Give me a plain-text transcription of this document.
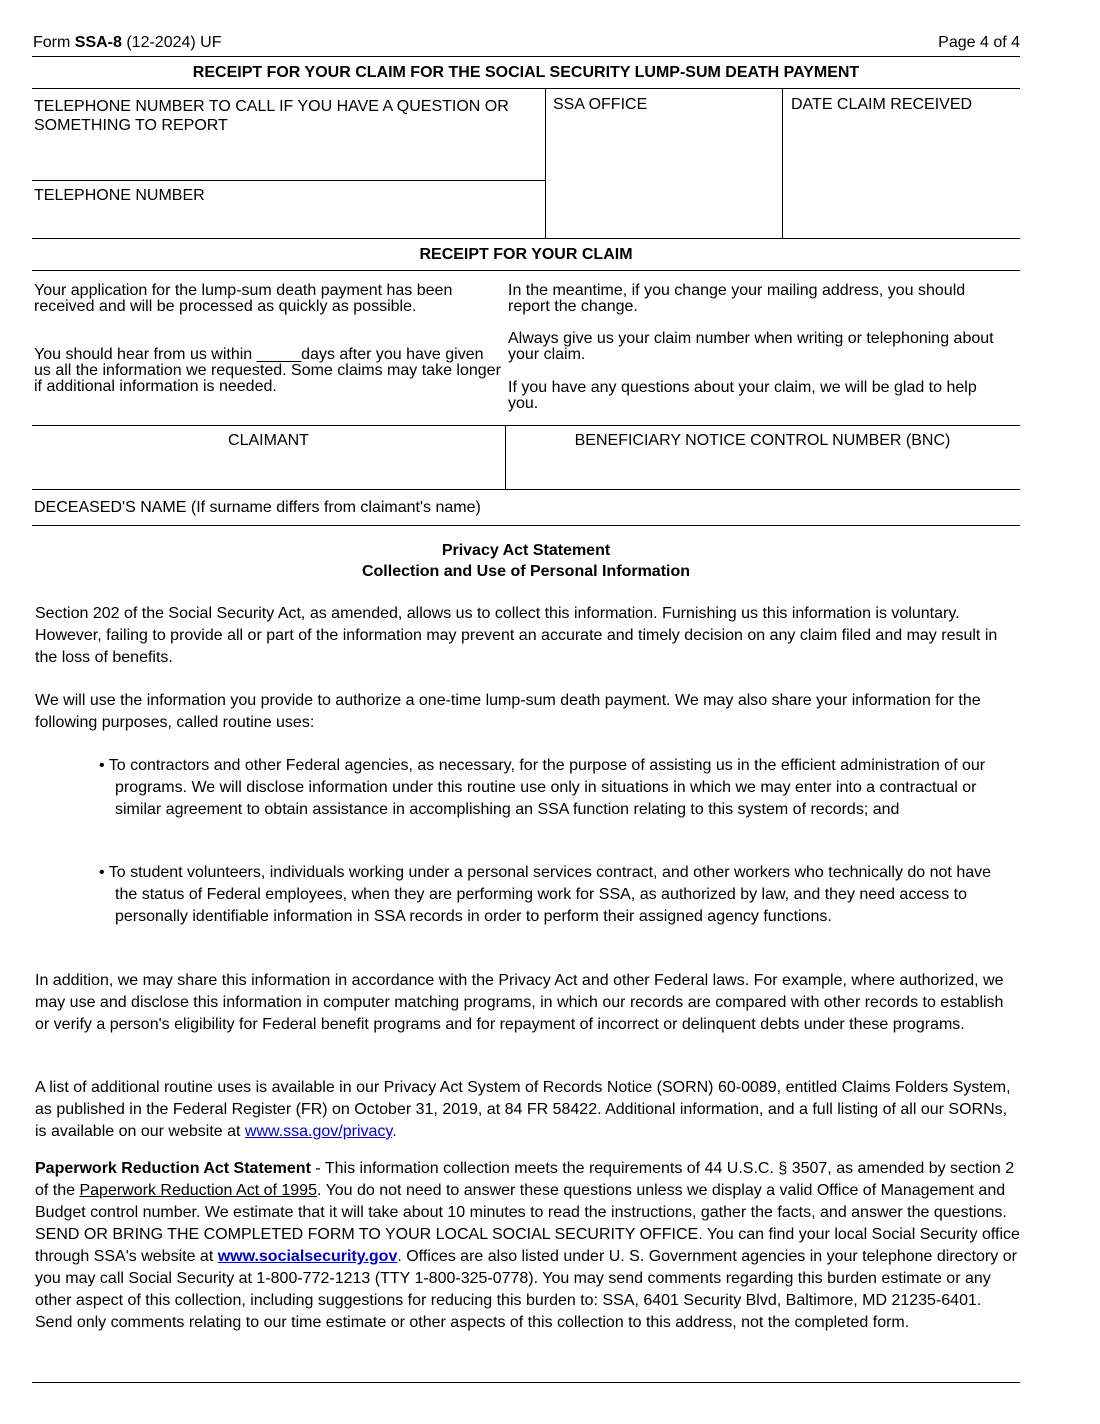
Form SSA-8 (12-2024) UF	Page 4 of 4
RECEIPT FOR YOUR CLAIM FOR THE SOCIAL SECURITY LUMP-SUM DEATH PAYMENT
TELEPHONE NUMBER TO CALL IF YOU HAVE A QUESTION OR SOMETHING TO REPORT
SSA OFFICE	DATE CLAIM RECEIVED
TELEPHONE NUMBER
RECEIPT FOR YOUR CLAIM
Your application for the lump-sum death payment has been received and will be processed as quickly as possible.
You should hear from us within _____days after you have given us all the information we requested. Some claims may take longer if additional information is needed.
In the meantime, if you change your mailing address, you should report the change.
Always give us your claim number when writing or telephoning about your claim.
If you have any questions about your claim, we will be glad to help you.
CLAIMANT	BENEFICIARY NOTICE CONTROL NUMBER (BNC)
DECEASED'S NAME (If surname differs from claimant's name)
Privacy Act Statement
Collection and Use of Personal Information
Section 202 of the Social Security Act, as amended, allows us to collect this information. Furnishing us this information is voluntary. However, failing to provide all or part of the information may prevent an accurate and timely decision on any claim filed and may result in the loss of benefits.
We will use the information you provide to authorize a one-time lump-sum death payment. We may also share your information for the following purposes, called routine uses:
• To contractors and other Federal agencies, as necessary, for the purpose of assisting us in the efficient administration of our programs. We will disclose information under this routine use only in situations in which we may enter into a contractual or similar agreement to obtain assistance in accomplishing an SSA function relating to this system of records; and
• To student volunteers, individuals working under a personal services contract, and other workers who technically do not have the status of Federal employees, when they are performing work for SSA, as authorized by law, and they need access to personally identifiable information in SSA records in order to perform their assigned agency functions.
In addition, we may share this information in accordance with the Privacy Act and other Federal laws. For example, where authorized, we may use and disclose this information in computer matching programs, in which our records are compared with other records to establish or verify a person's eligibility for Federal benefit programs and for repayment of incorrect or delinquent debts under these programs.
A list of additional routine uses is available in our Privacy Act System of Records Notice (SORN) 60-0089, entitled Claims Folders System, as published in the Federal Register (FR) on October 31, 2019, at 84 FR 58422. Additional information, and a full listing of all our SORNs, is available on our website at www.ssa.gov/privacy.
Paperwork Reduction Act Statement - This information collection meets the requirements of 44 U.S.C. § 3507, as amended by section 2 of the Paperwork Reduction Act of 1995. You do not need to answer these questions unless we display a valid Office of Management and Budget control number. We estimate that it will take about 10 minutes to read the instructions, gather the facts, and answer the questions. SEND OR BRING THE COMPLETED FORM TO YOUR LOCAL SOCIAL SECURITY OFFICE. You can find your local Social Security office through SSA's website at www.socialsecurity.gov. Offices are also listed under U. S. Government agencies in your telephone directory or you may call Social Security at 1-800-772-1213 (TTY 1-800-325-0778). You may send comments regarding this burden estimate or any other aspect of this collection, including suggestions for reducing this burden to: SSA, 6401 Security Blvd, Baltimore, MD 21235-6401. Send only comments relating to our time estimate or other aspects of this collection to this address, not the completed form.
